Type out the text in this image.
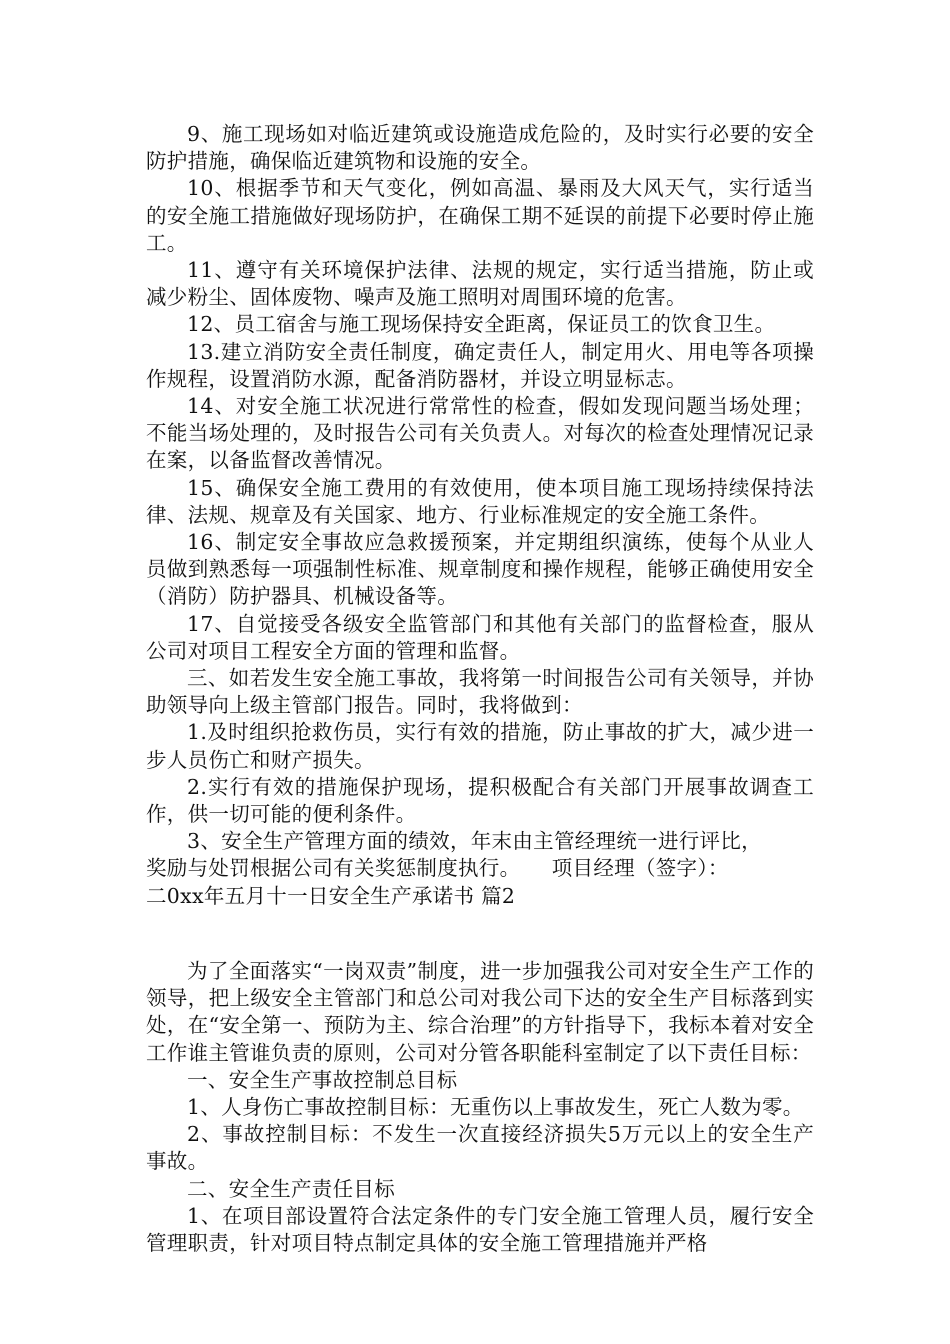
9、施工现场如对临近建筑或设施造成危险的，及时实行必要的安全防护措施，确保临近建筑物和设施的安全。

10、根据季节和天气变化，例如高温、暴雨及大风天气，实行适当的安全施工措施做好现场防护，在确保工期不延误的前提下必要时停止施工。

11、遵守有关环境保护法律、法规的规定，实行适当措施，防止或减少粉尘、固体废物、噪声及施工照明对周围环境的危害。

12、员工宿舍与施工现场保持安全距离，保证员工的饮食卫生。

13.建立消防安全责任制度，确定责任人，制定用火、用电等各项操作规程，设置消防水源，配备消防器材，并设立明显标志。

14、对安全施工状况进行常常性的检查，假如发现问题当场处理；不能当场处理的，及时报告公司有关负责人。对每次的检查处理情况记录在案，以备监督改善情况。

15、确保安全施工费用的有效使用，使本项目施工现场持续保持法律、法规、规章及有关国家、地方、行业标准规定的安全施工条件。

16、制定安全事故应急救援预案，并定期组织演练，使每个从业人员做到熟悉每一项强制性标准、规章制度和操作规程，能够正确使用安全（消防）防护器具、机械设备等。

17、自觉接受各级安全监管部门和其他有关部门的监督检查，服从公司对项目工程安全方面的管理和监督。

三、如若发生安全施工事故，我将第一时间报告公司有关领导，并协助领导向上级主管部门报告。同时，我将做到：

1.及时组织抢救伤员，实行有效的措施，防止事故的扩大，减少进一步人员伤亡和财产损失。

2.实行有效的措施保护现场，提积极配合有关部门开展事故调查工作，供一切可能的便利条件。

3、安全生产管理方面的绩效，年末由主管经理统一进行评比，

奖励与处罚根据公司有关奖惩制度执行。　　项目经理（签字）：

二0xx年五月十一日安全生产承诺书 篇2

为了全面落实“一岗双责”制度，进一步加强我公司对安全生产工作的领导，把上级安全主管部门和总公司对我公司下达的安全生产目标落到实处，在“安全第一、预防为主、综合治理”的方针指导下，我标本着对安全工作谁主管谁负责的原则，公司对分管各职能科室制定了以下责任目标：

一、安全生产事故控制总目标

1、人身伤亡事故控制目标：无重伤以上事故发生，死亡人数为零。

2、事故控制目标：不发生一次直接经济损失5万元以上的安全生产事故。

二、安全生产责任目标

1、在项目部设置符合法定条件的专门安全施工管理人员，履行安全管理职责，针对项目特点制定具体的安全施工管理措施并严格
